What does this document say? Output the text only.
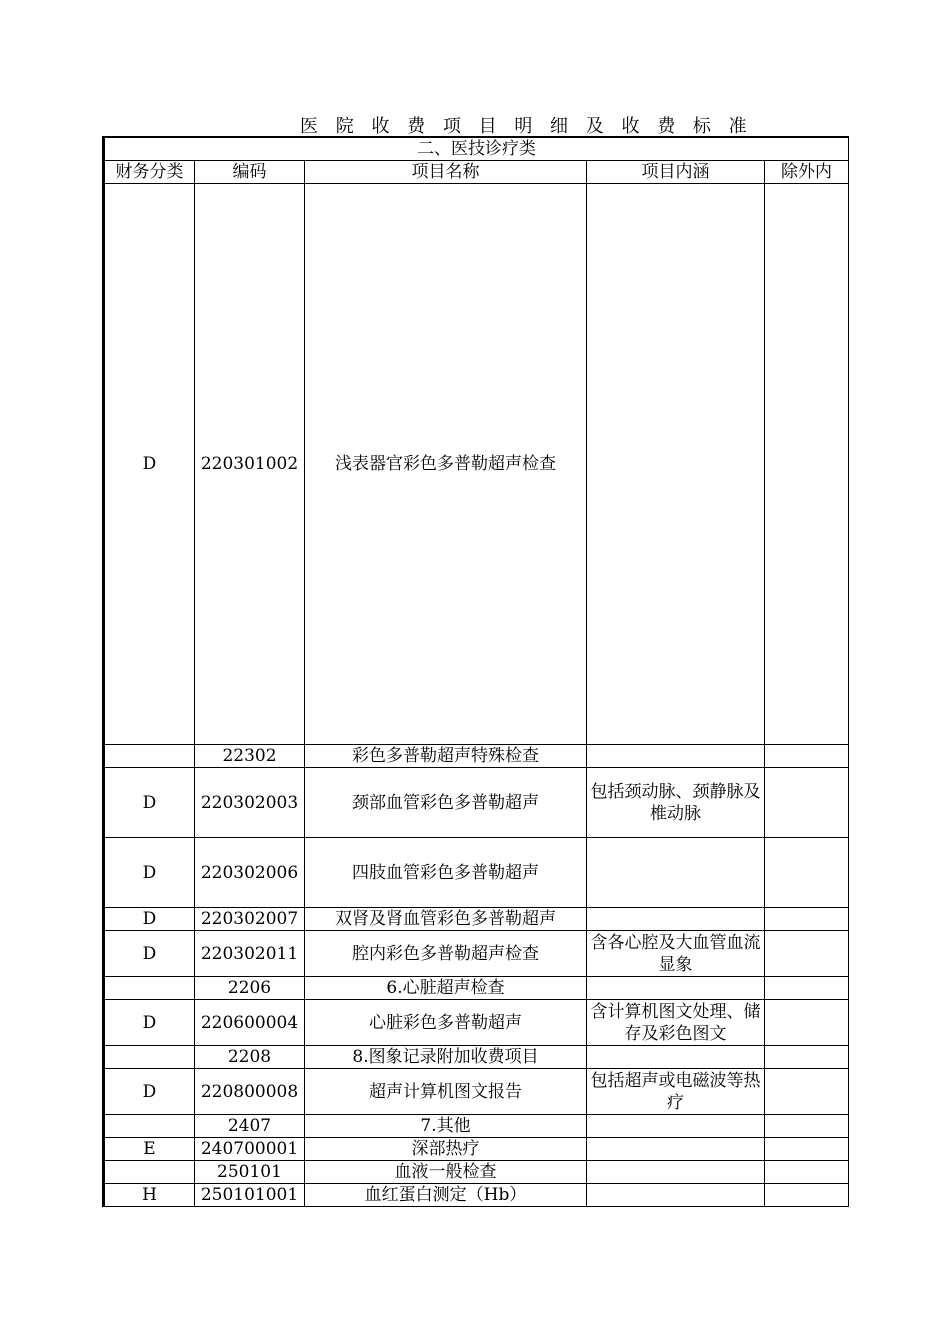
医 院 收 费 项 目 明 细 及 收 费 标 准
二、医技诊疗类				
财务分类	编码	项目名称	项目内涵	除外内
D	220301002	浅表器官彩色多普勒超声检查		
	22302	彩色多普勒超声特殊检查		
D	220302003	颈部血管彩色多普勒超声	包括颈动脉、颈静脉及椎动脉	
D	220302006	四肢血管彩色多普勒超声		
D	220302007	双肾及肾血管彩色多普勒超声		
D	220302011	腔内彩色多普勒超声检查	含各心腔及大血管血流显象	
	2206	6.心脏超声检查		
D	220600004	心脏彩色多普勒超声	含计算机图文处理、储存及彩色图文	
	2208	8.图象记录附加收费项目		
D	220800008	超声计算机图文报告	包括超声或电磁波等热疗	
	2407	7.其他		
E	240700001	深部热疗		
	250101	血液一般检查		
H	250101001	血红蛋白测定（Hb）		
